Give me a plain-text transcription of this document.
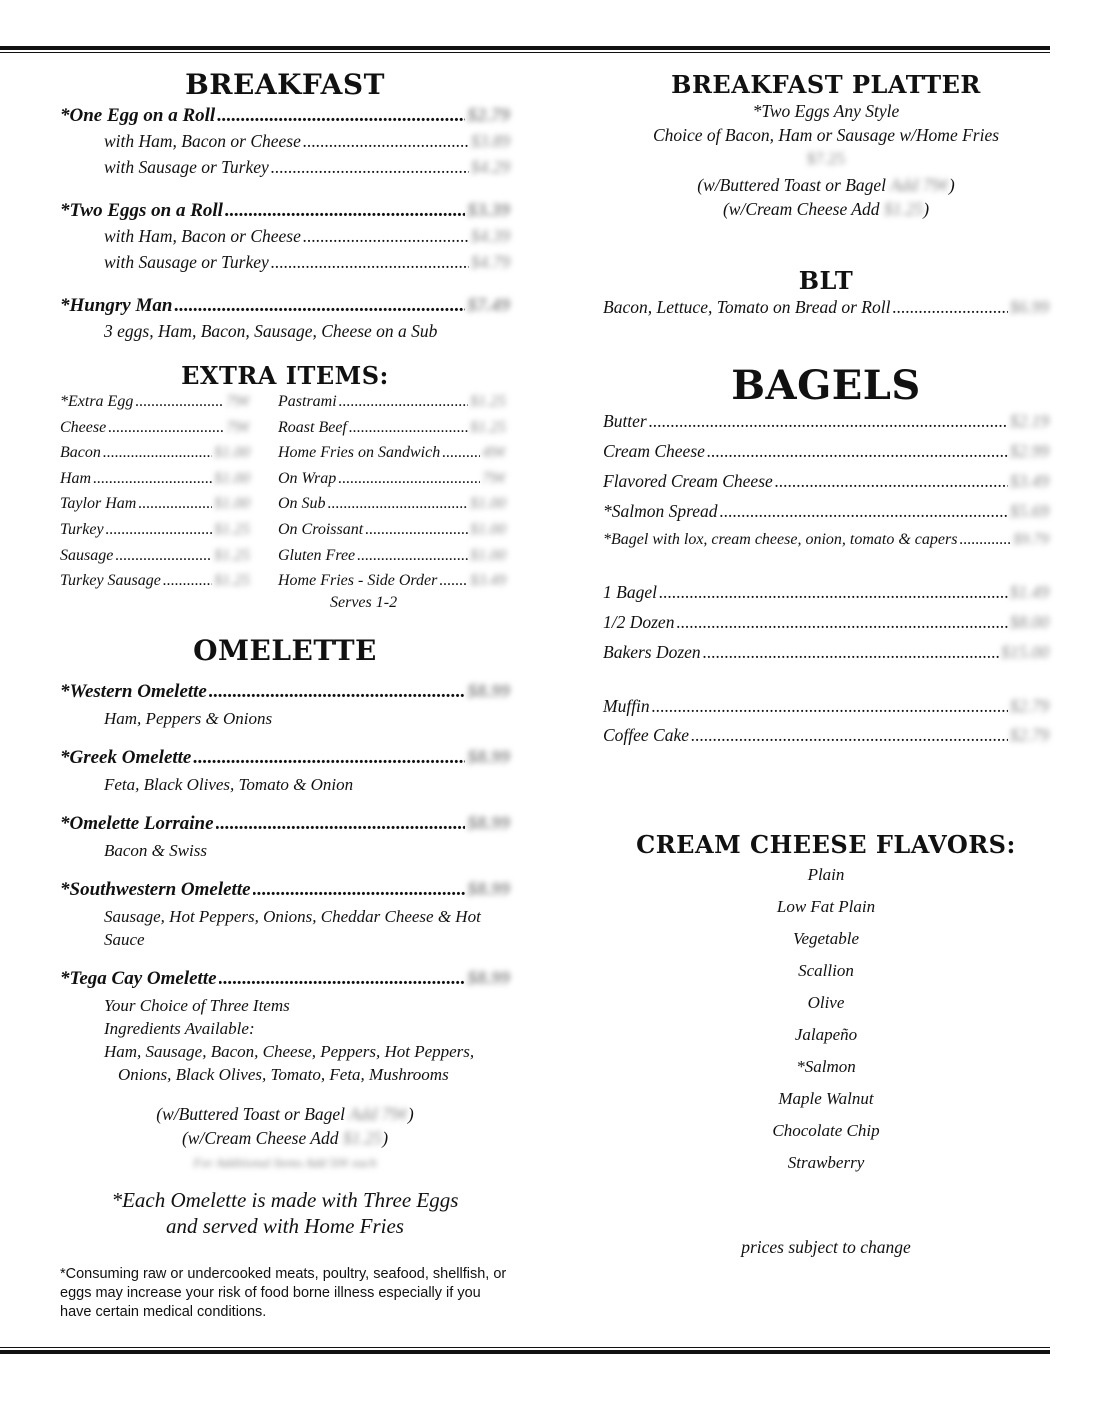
BREAKFAST
*One Egg on a Roll .....	$2.79
with Ham, Bacon or Cheese .....	$3.89
with Sausage or Turkey .....	$4.29
*Two Eggs on a Roll .....	$3.39
with Ham, Bacon or Cheese .....	$4.39
with Sausage or Turkey .....	$4.79
*Hungry Man .....	$7.49
3 eggs, Ham, Bacon, Sausage, Cheese on a Sub
EXTRA ITEMS:
*Extra Egg .....	79¢ Pastrami .....	$1.25
Cheese .....	79¢ Roast Beef .....	$1.25
Bacon .....	$1.00 Home Fries on Sandwich .....	49¢
Ham .....	$1.00 On Wrap .....	79¢
Taylor Ham .....	$1.00 On Sub .....	$1.00
Turkey .....	$1.25 On Croissant .....	$1.00
Sausage .....	$1.25 Gluten Free .....	$1.00
Turkey Sausage .....	$1.25 Home Fries - Side Order ..... $3.49
Serves 1-2
OMELETTE
*Western Omelette .....	$8.99
Ham, Peppers & Onions
*Greek Omelette .....	$8.99
Feta, Black Olives, Tomato & Onion
*Omelette Lorraine .....	$8.99
Bacon & Swiss
*Southwestern Omelette .....	$8.99
Sausage, Hot Peppers, Onions, Cheddar Cheese & Hot Sauce
*Tega Cay Omelette .....	$8.99
Your Choice of Three Items
Ingredients Available:
Ham, Sausage, Bacon, Cheese, Peppers, Hot Peppers,
Onions, Black Olives, Tomato, Feta, Mushrooms
(w/Buttered Toast or Bagel Add 79¢)
(w/Cream Cheese Add $1.25)
For Additional Items Add 50¢ each
*Each Omelette is made with Three Eggs
and served with Home Fries
*Consuming raw or undercooked meats, poultry, seafood, shellfish, or eggs may increase your risk of food borne illness especially if you have certain medical conditions.
BREAKFAST PLATTER
*Two Eggs Any Style
Choice of Bacon, Ham or Sausage w/Home Fries
$7.25
(w/Buttered Toast or Bagel Add 79¢)
(w/Cream Cheese Add $1.25)
BLT
Bacon, Lettuce, Tomato on Bread or Roll .....	$6.99
BAGELS
Butter .....	$2.19
Cream Cheese .....	$2.99
Flavored Cream Cheese .....	$3.49
*Salmon Spread .....	$5.69
*Bagel with lox, cream cheese, onion, tomato & capers .....	$9.79
1 Bagel .....	$1.49
1/2 Dozen .....	$8.00
Bakers Dozen .....	$15.00
Muffin .....	$2.79
Coffee Cake .....	$2.79
CREAM CHEESE FLAVORS:
Plain
Low Fat Plain
Vegetable
Scallion
Olive
Jalapeño
*Salmon
Maple Walnut
Chocolate Chip
Strawberry
prices subject to change
